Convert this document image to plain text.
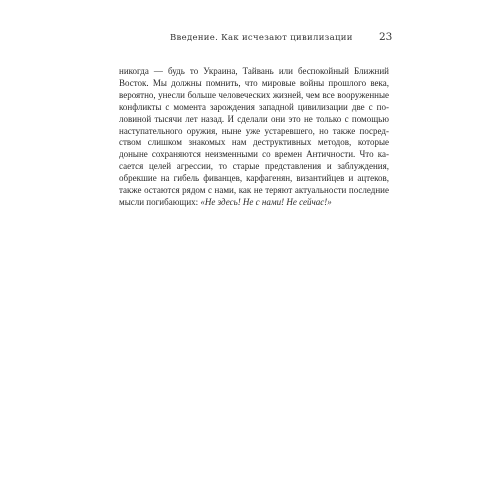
Введение. Как исчезают цивилизации	23
никогда — будь то Украина, Тайвань или беспокойный Ближний
Восток. Мы должны помнить, что мировые войны прошлого века,
вероятно, унесли больше человеческих жизней, чем все вооруженные
конфликты с момента зарождения западной цивилизации две с по-
ловиной тысячи лет назад. И сделали они это не только с помощью
наступательного оружия, ныне уже устаревшего, но также посред-
ством слишком знакомых нам деструктивных методов, которые
доныне сохраняются неизменными со времен Античности. Что ка-
сается целей агрессии, то старые представления и заблуждения,
обрекшие на гибель фиванцев, карфагенян, византийцев и ацтеков,
также остаются рядом с нами, как не теряют актуальности последние
мысли погибающих: «Не здесь! Не с нами! Не сейчас!»
